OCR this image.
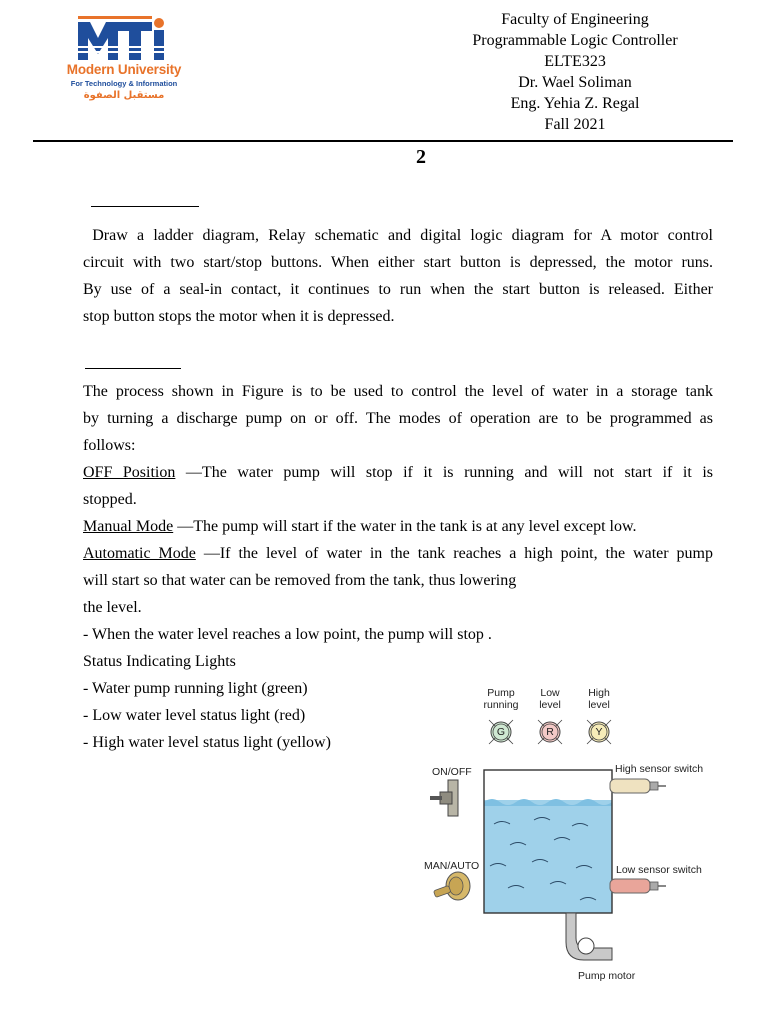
Modern University
For Technology & Information
مستقبل الصفوة
Faculty of Engineering
Programmable Logic Controller
ELTE323
Dr. Wael Soliman
Eng. Yehia Z. Regal
Fall 2021
2
Draw a ladder diagram, Relay schematic and digital logic diagram for A motor control
circuit with two start/stop buttons. When either start button is depressed, the motor runs.
By use of a seal-in contact, it continues to run when the start button is released. Either
stop button stops the motor when it is depressed.
The process shown in Figure is to be used to control the level of water in a storage tank
by turning a discharge pump on or off. The modes of operation are to be programmed as
follows:
OFF Position —The water pump will stop if it is running and will not start if it is
stopped.
Manual Mode —The pump will start if the water in the tank is at any level except low.
Automatic Mode —If the level of water in the tank reaches a high point, the water pump
will start so that water can be removed from the tank, thus lowering
the level.
- When the water level reaches a low point, the pump will stop .
Status Indicating Lights
- Water pump running light (green)
- Low water level status light (red)
- High water level status light (yellow)
G	R	Y
Pump
running
Low
level
High
level
ON/OFF
MAN/AUTO
High sensor switch
Low sensor switch
Pump motor
